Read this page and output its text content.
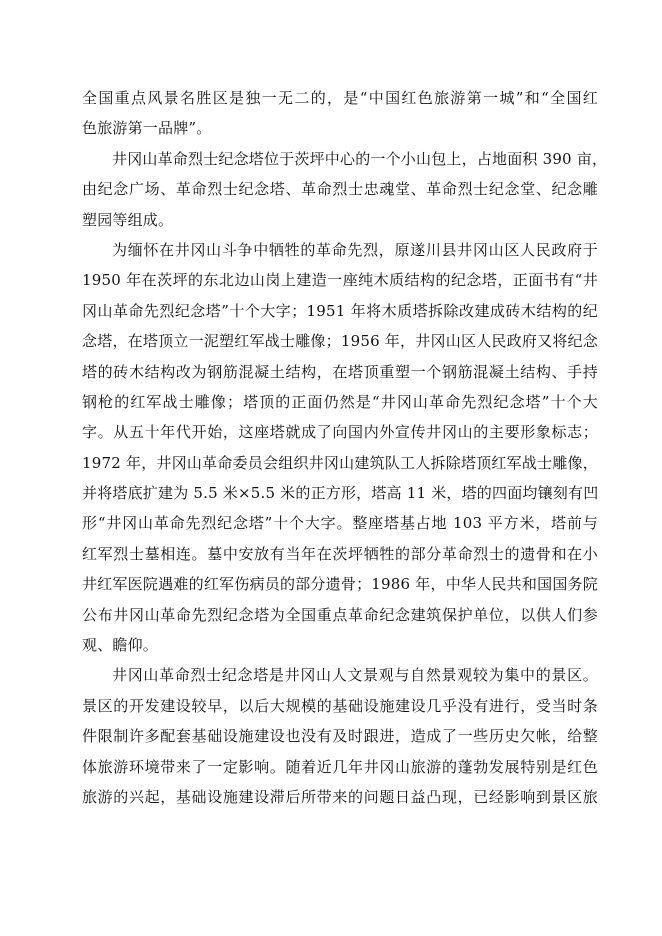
全国重点风景名胜区是独一无二的，是“中国红色旅游第一城”和“全国红
色旅游第一品牌”。
井冈山革命烈士纪念塔位于茨坪中心的一个小山包上，占地面积 390 亩，
由纪念广场、革命烈士纪念塔、革命烈士忠魂堂、革命烈士纪念堂、纪念雕
塑园等组成。
为缅怀在井冈山斗争中牺牲的革命先烈，原遂川县井冈山区人民政府于
1950 年在茨坪的东北边山岗上建造一座纯木质结构的纪念塔，正面书有“井
冈山革命先烈纪念塔”十个大字；1951 年将木质塔拆除改建成砖木结构的纪
念塔，在塔顶立一泥塑红军战士雕像；1956 年，井冈山区人民政府又将纪念
塔的砖木结构改为钢筋混凝土结构，在塔顶重塑一个钢筋混凝土结构、手持
钢枪的红军战士雕像；塔顶的正面仍然是“井冈山革命先烈纪念塔”十个大
字。从五十年代开始，这座塔就成了向国内外宣传井冈山的主要形象标志；
1972 年，井冈山革命委员会组织井冈山建筑队工人拆除塔顶红军战士雕像，
并将塔底扩建为 5.5 米×5.5 米的正方形，塔高 11 米，塔的四面均镶刻有凹
形“井冈山革命先烈纪念塔”十个大字。整座塔基占地 103 平方米，塔前与
红军烈士墓相连。墓中安放有当年在茨坪牺牲的部分革命烈士的遗骨和在小
井红军医院遇难的红军伤病员的部分遗骨；1986 年，中华人民共和国国务院
公布井冈山革命先烈纪念塔为全国重点革命纪念建筑保护单位，以供人们参
观、瞻仰。
井冈山革命烈士纪念塔是井冈山人文景观与自然景观较为集中的景区。
景区的开发建设较早，以后大规模的基础设施建设几乎没有进行，受当时条
件限制许多配套基础设施建设也没有及时跟进，造成了一些历史欠帐，给整
体旅游环境带来了一定影响。随着近几年井冈山旅游的蓬勃发展特别是红色
旅游的兴起，基础设施建设滞后所带来的问题日益凸现，已经影响到景区旅
